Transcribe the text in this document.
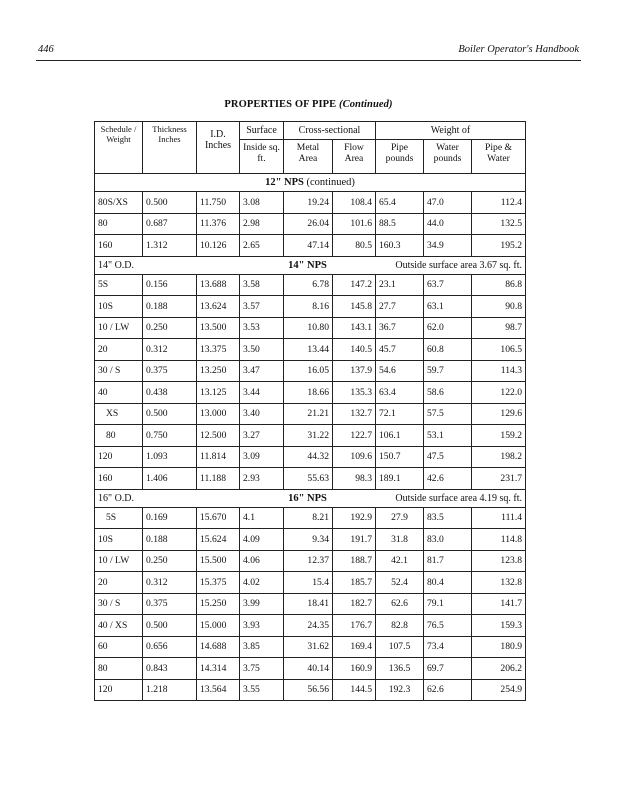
446	Boiler Operator's Handbook
PROPERTIES OF PIPE (Continued)
Schedule / Weight	Thickness Inches	I.D. Inches	Surface	Cross-sectional		Weight of		
			Inside sq. ft.	Metal Area	Flow Area	Pipe pounds	Water pounds	Pipe & Water
12" NPS (continued)								
80S/XS	0.500	11.750	3.08	19.24	108.4	65.4	47.0	112.4
80	0.687	11.376	2.98	26.04	101.6	88.5	44.0	132.5
160	1.312	10.126	2.65	47.14	80.5	160.3	34.9	195.2
14" O.D.			14" NPS			Outside surface area 3.67 sq. ft.		
5S	0.156	13.688	3.58	6.78	147.2	23.1	63.7	86.8
10S	0.188	13.624	3.57	8.16	145.8	27.7	63.1	90.8
10 / LW	0.250	13.500	3.53	10.80	143.1	36.7	62.0	98.7
20	0.312	13.375	3.50	13.44	140.5	45.7	60.8	106.5
30 / S	0.375	13.250	3.47	16.05	137.9	54.6	59.7	114.3
40	0.438	13.125	3.44	18.66	135.3	63.4	58.6	122.0
XS	0.500	13.000	3.40	21.21	132.7	72.1	57.5	129.6
80	0.750	12.500	3.27	31.22	122.7	106.1	53.1	159.2
120	1.093	11.814	3.09	44.32	109.6	150.7	47.5	198.2
160	1.406	11.188	2.93	55.63	98.3	189.1	42.6	231.7
16" O.D.			16" NPS			Outside surface area 4.19 sq. ft.		
5S	0.169	15.670	4.1	8.21	192.9	27.9	83.5	111.4
10S	0.188	15.624	4.09	9.34	191.7	31.8	83.0	114.8
10 / LW	0.250	15.500	4.06	12.37	188.7	42.1	81.7	123.8
20	0.312	15.375	4.02	15.4	185.7	52.4	80.4	132.8
30 / S	0.375	15.250	3.99	18.41	182.7	62.6	79.1	141.7
40 / XS	0.500	15.000	3.93	24.35	176.7	82.8	76.5	159.3
60	0.656	14.688	3.85	31.62	169.4	107.5	73.4	180.9
80	0.843	14.314	3.75	40.14	160.9	136.5	69.7	206.2
120	1.218	13.564	3.55	56.56	144.5	192.3	62.6	254.9
